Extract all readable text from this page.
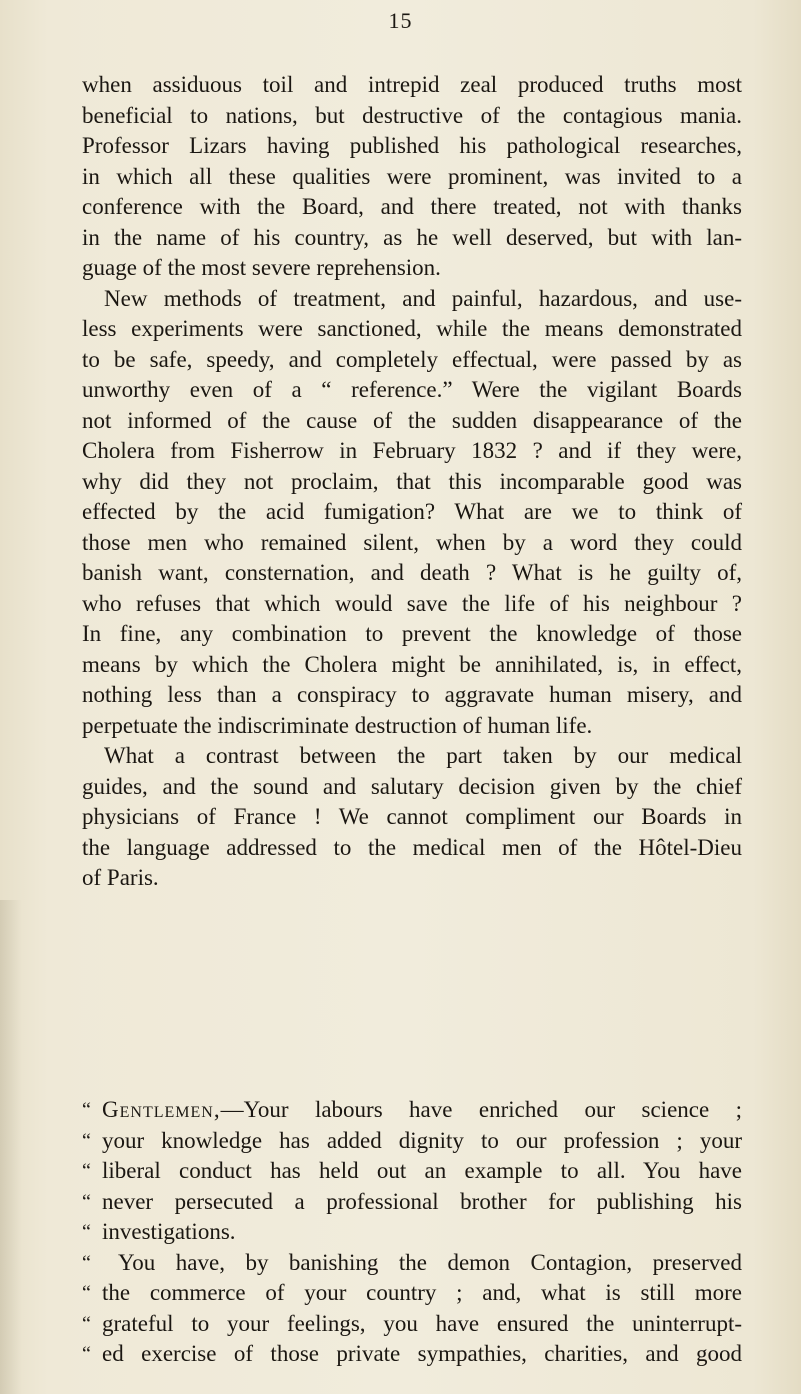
15
when assiduous toil and intrepid zeal produced truths most
beneficial to nations, but destructive of the contagious mania.
Professor Lizars having published his pathological researches,
in which all these qualities were prominent, was invited to a
conference with the Board, and there treated, not with thanks
in the name of his country, as he well deserved, but with lan-
guage of the most severe reprehension.
New methods of treatment, and painful, hazardous, and use-
less experiments were sanctioned, while the means demonstrated
to be safe, speedy, and completely effectual, were passed by as
unworthy even of a “ reference.” Were the vigilant Boards
not informed of the cause of the sudden disappearance of the
Cholera from Fisherrow in February 1832 ? and if they were,
why did they not proclaim, that this incomparable good was
effected by the acid fumigation? What are we to think of
those men who remained silent, when by a word they could
banish want, consternation, and death ? What is he guilty of,
who refuses that which would save the life of his neighbour ?
In fine, any combination to prevent the knowledge of those
means by which the Cholera might be annihilated, is, in effect,
nothing less than a conspiracy to aggravate human misery, and
perpetuate the indiscriminate destruction of human life.
What a contrast between the part taken by our medical
guides, and the sound and salutary decision given by the chief
physicians of France ! We cannot compliment our Boards in
the language addressed to the medical men of the Hôtel-Dieu
of Paris.
“ Gentlemen,—Your labours have enriched our science ;
“ your knowledge has added dignity to our profession ; your
“ liberal conduct has held out an example to all. You have
“ never persecuted a professional brother for publishing his
“ investigations.
“	You have, by banishing the demon Contagion, preserved
“ the commerce of your country ; and, what is still more
“ grateful to your feelings, you have ensured the uninterrupt-
“ ed exercise of those private sympathies, charities, and good
